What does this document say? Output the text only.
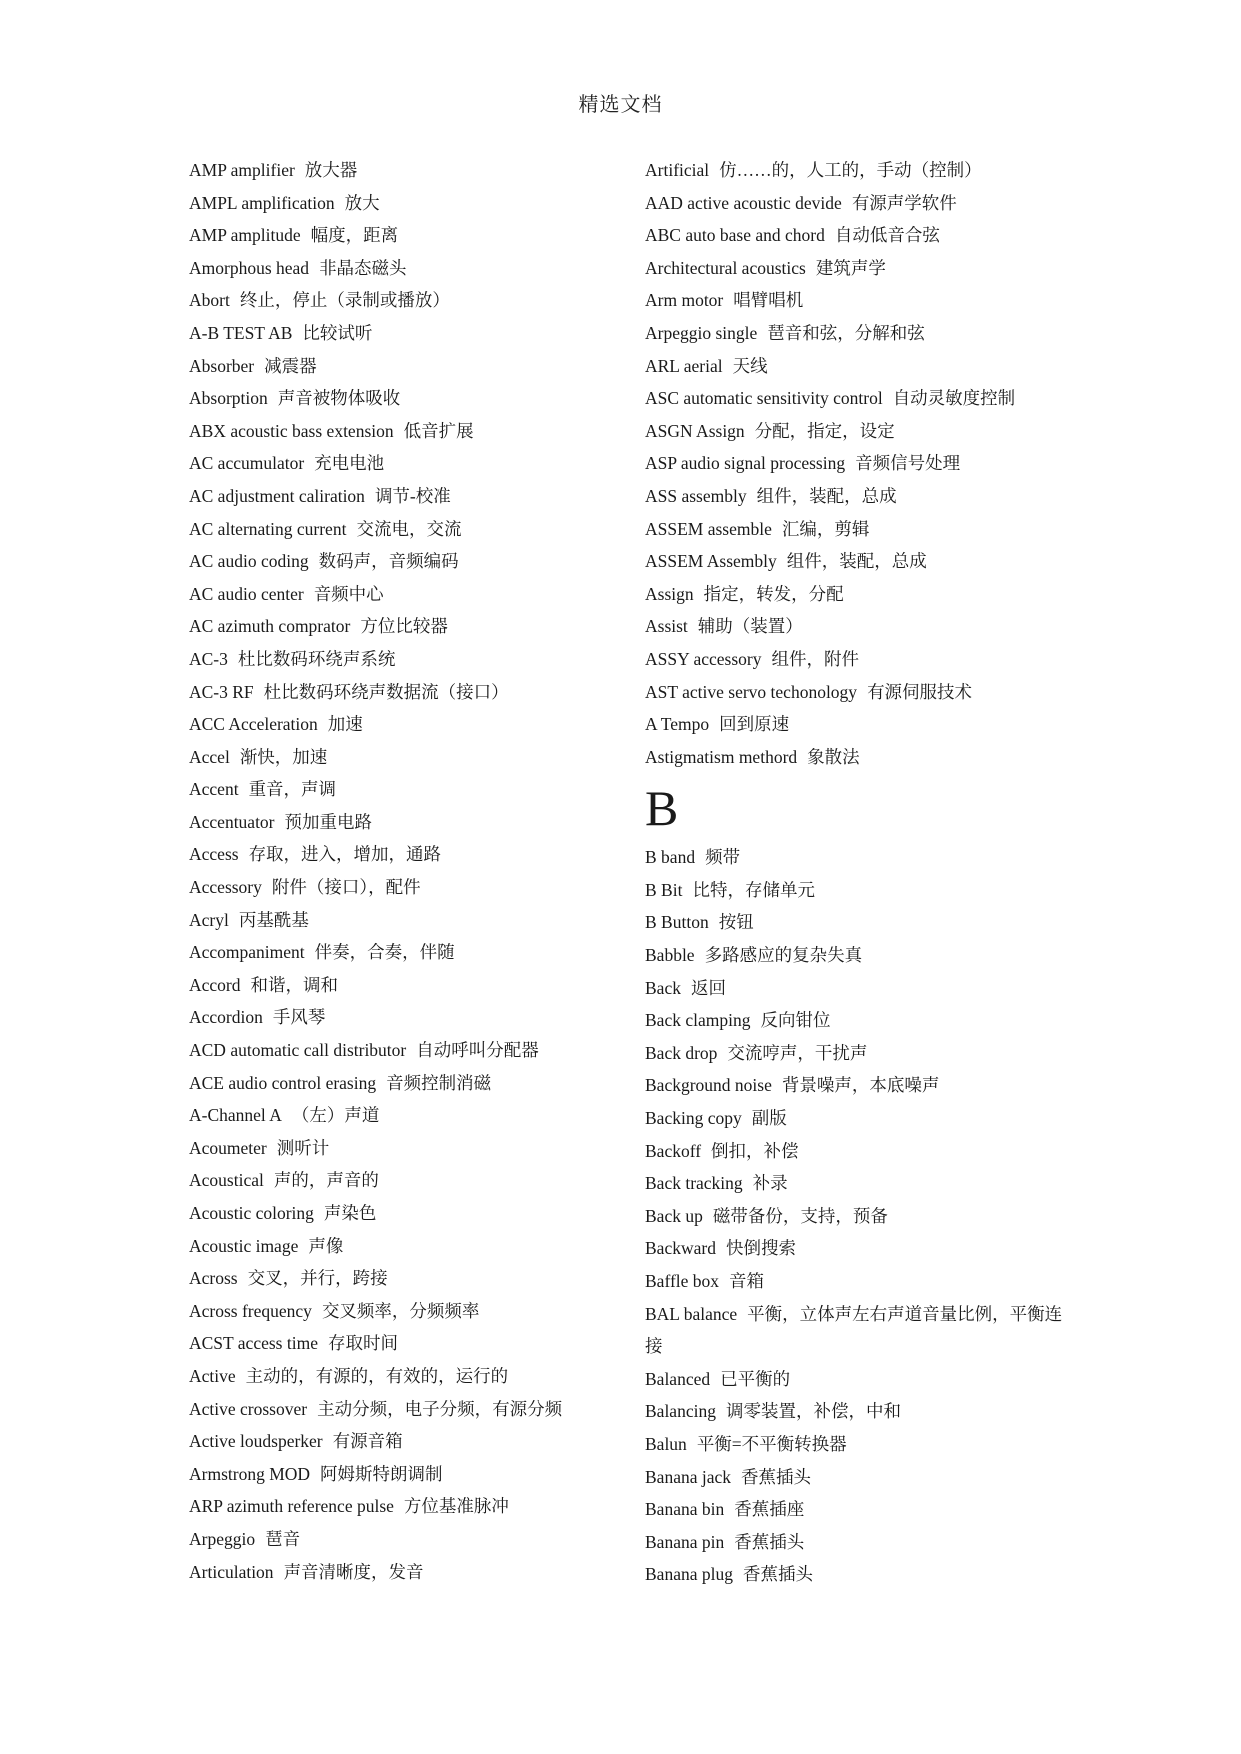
精选文档
AMP amplifier 放大器
AMPL amplification 放大
AMP amplitude 幅度，距离
Amorphous head 非晶态磁头
Abort 终止，停止（录制或播放）
A-B TEST AB 比较试听
Absorber 减震器
Absorption 声音被物体吸收
ABX acoustic bass extension 低音扩展
AC accumulator 充电电池
AC adjustment caliration 调节-校准
AC alternating current 交流电，交流
AC audio coding 数码声，音频编码
AC audio center 音频中心
AC azimuth comprator 方位比较器
AC-3 杜比数码环绕声系统
AC-3 RF 杜比数码环绕声数据流（接口）
ACC Acceleration 加速
Accel 渐快，加速
Accent 重音，声调
Accentuator 预加重电路
Access 存取，进入，增加，通路
Accessory 附件（接口），配件
Acryl 丙基酰基
Accompaniment 伴奏，合奏，伴随
Accord 和谐，调和
Accordion 手风琴
ACD automatic call distributor 自动呼叫分配器
ACE audio control erasing 音频控制消磁
A-Channel A （左）声道
Acoumeter 测听计
Acoustical 声的，声音的
Acoustic coloring 声染色
Acoustic image 声像
Across 交叉，并行，跨接
Across frequency 交叉频率，分频频率
ACST access time 存取时间
Active 主动的，有源的，有效的，运行的
Active crossover 主动分频，电子分频，有源分频
Active loudsperker 有源音箱
Armstrong MOD 阿姆斯特朗调制
ARP azimuth reference pulse 方位基准脉冲
Arpeggio 琶音
Articulation 声音清晰度，发音
Artificial 仿……的，人工的，手动（控制）
AAD active acoustic devide 有源声学软件
ABC auto base and chord 自动低音合弦
Architectural acoustics 建筑声学
Arm motor 唱臂唱机
Arpeggio single 琶音和弦，分解和弦
ARL aerial 天线
ASC automatic sensitivity control 自动灵敏度控制
ASGN Assign 分配，指定，设定
ASP audio signal processing 音频信号处理
ASS assembly 组件，装配，总成
ASSEM assemble 汇编，剪辑
ASSEM Assembly 组件，装配，总成
Assign 指定，转发，分配
Assist 辅助（装置）
ASSY accessory 组件，附件
AST active servo techonology 有源伺服技术
A Tempo 回到原速
Astigmatism methord 象散法
B
B band 频带
B Bit 比特，存储单元
B Button 按钮
Babble 多路感应的复杂失真
Back 返回
Back clamping 反向钳位
Back drop 交流哼声，干扰声
Background noise 背景噪声，本底噪声
Backing copy 副版
Backoff 倒扣，补偿
Back tracking 补录
Back up 磁带备份，支持，预备
Backward 快倒搜索
Baffle box 音箱
BAL balance 平衡，立体声左右声道音量比例，平衡连接
Balanced 已平衡的
Balancing 调零装置，补偿，中和
Balun 平衡=不平衡转换器
Banana jack 香蕉插头
Banana bin 香蕉插座
Banana pin 香蕉插头
Banana plug 香蕉插头
